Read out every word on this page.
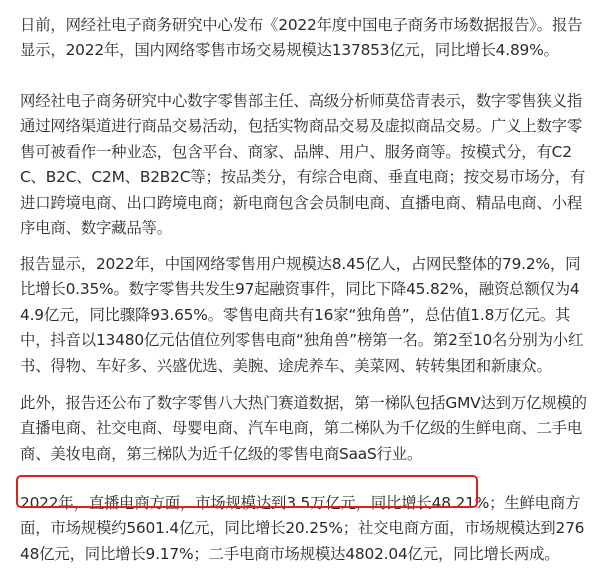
日前，网经社电子商务研究中心发布《2022年度中国电子商务市场数据报告》。报告显示，2022年，国内网络零售市场交易规模达137853亿元，同比增长4.89%。

网经社电子商务研究中心数字零售部主任、高级分析师莫岱青表示，数字零售狭义指通过网络渠道进行商品交易活动，包括实物商品交易及虚拟商品交易。广义上数字零售可被看作一种业态，包含平台、商家、品牌、用户、服务商等。按模式分，有C2C、B2C、C2M、B2B2C等；按品类分，有综合电商、垂直电商；按交易市场分，有进口跨境电商、出口跨境电商；新电商包含会员制电商、直播电商、精品电商、小程序电商、数字藏品等。

报告显示，2022年，中国网络零售用户规模达8.45亿人，占网民整体的79.2%，同比增长0.35%。数字零售共发生97起融资事件，同比下降45.82%，融资总额仅为44.9亿元，同比骤降93.65%。零售电商共有16家“独角兽”，总估值1.8万亿元。其中，抖音以13480亿元估值位列零售电商“独角兽”榜第一名。第2至10名分别为小红书、得物、车好多、兴盛优选、美腕、途虎养车、美菜网、转转集团和新康众。

此外，报告还公布了数字零售八大热门赛道数据，第一梯队包括GMV达到万亿规模的直播电商、社交电商、母婴电商、汽车电商，第二梯队为千亿级的生鲜电商、二手电商、美妆电商，第三梯队为近千亿级的零售电商SaaS行业。

2022年，直播电商方面，市场规模达到3.5万亿元，同比增长48.21%；生鲜电商方面，市场规模约5601.4亿元，同比增长20.25%；社交电商方面，市场规模达到27648亿元，同比增长9.17%；二手电商市场规模达4802.04亿元，同比增长两成。
